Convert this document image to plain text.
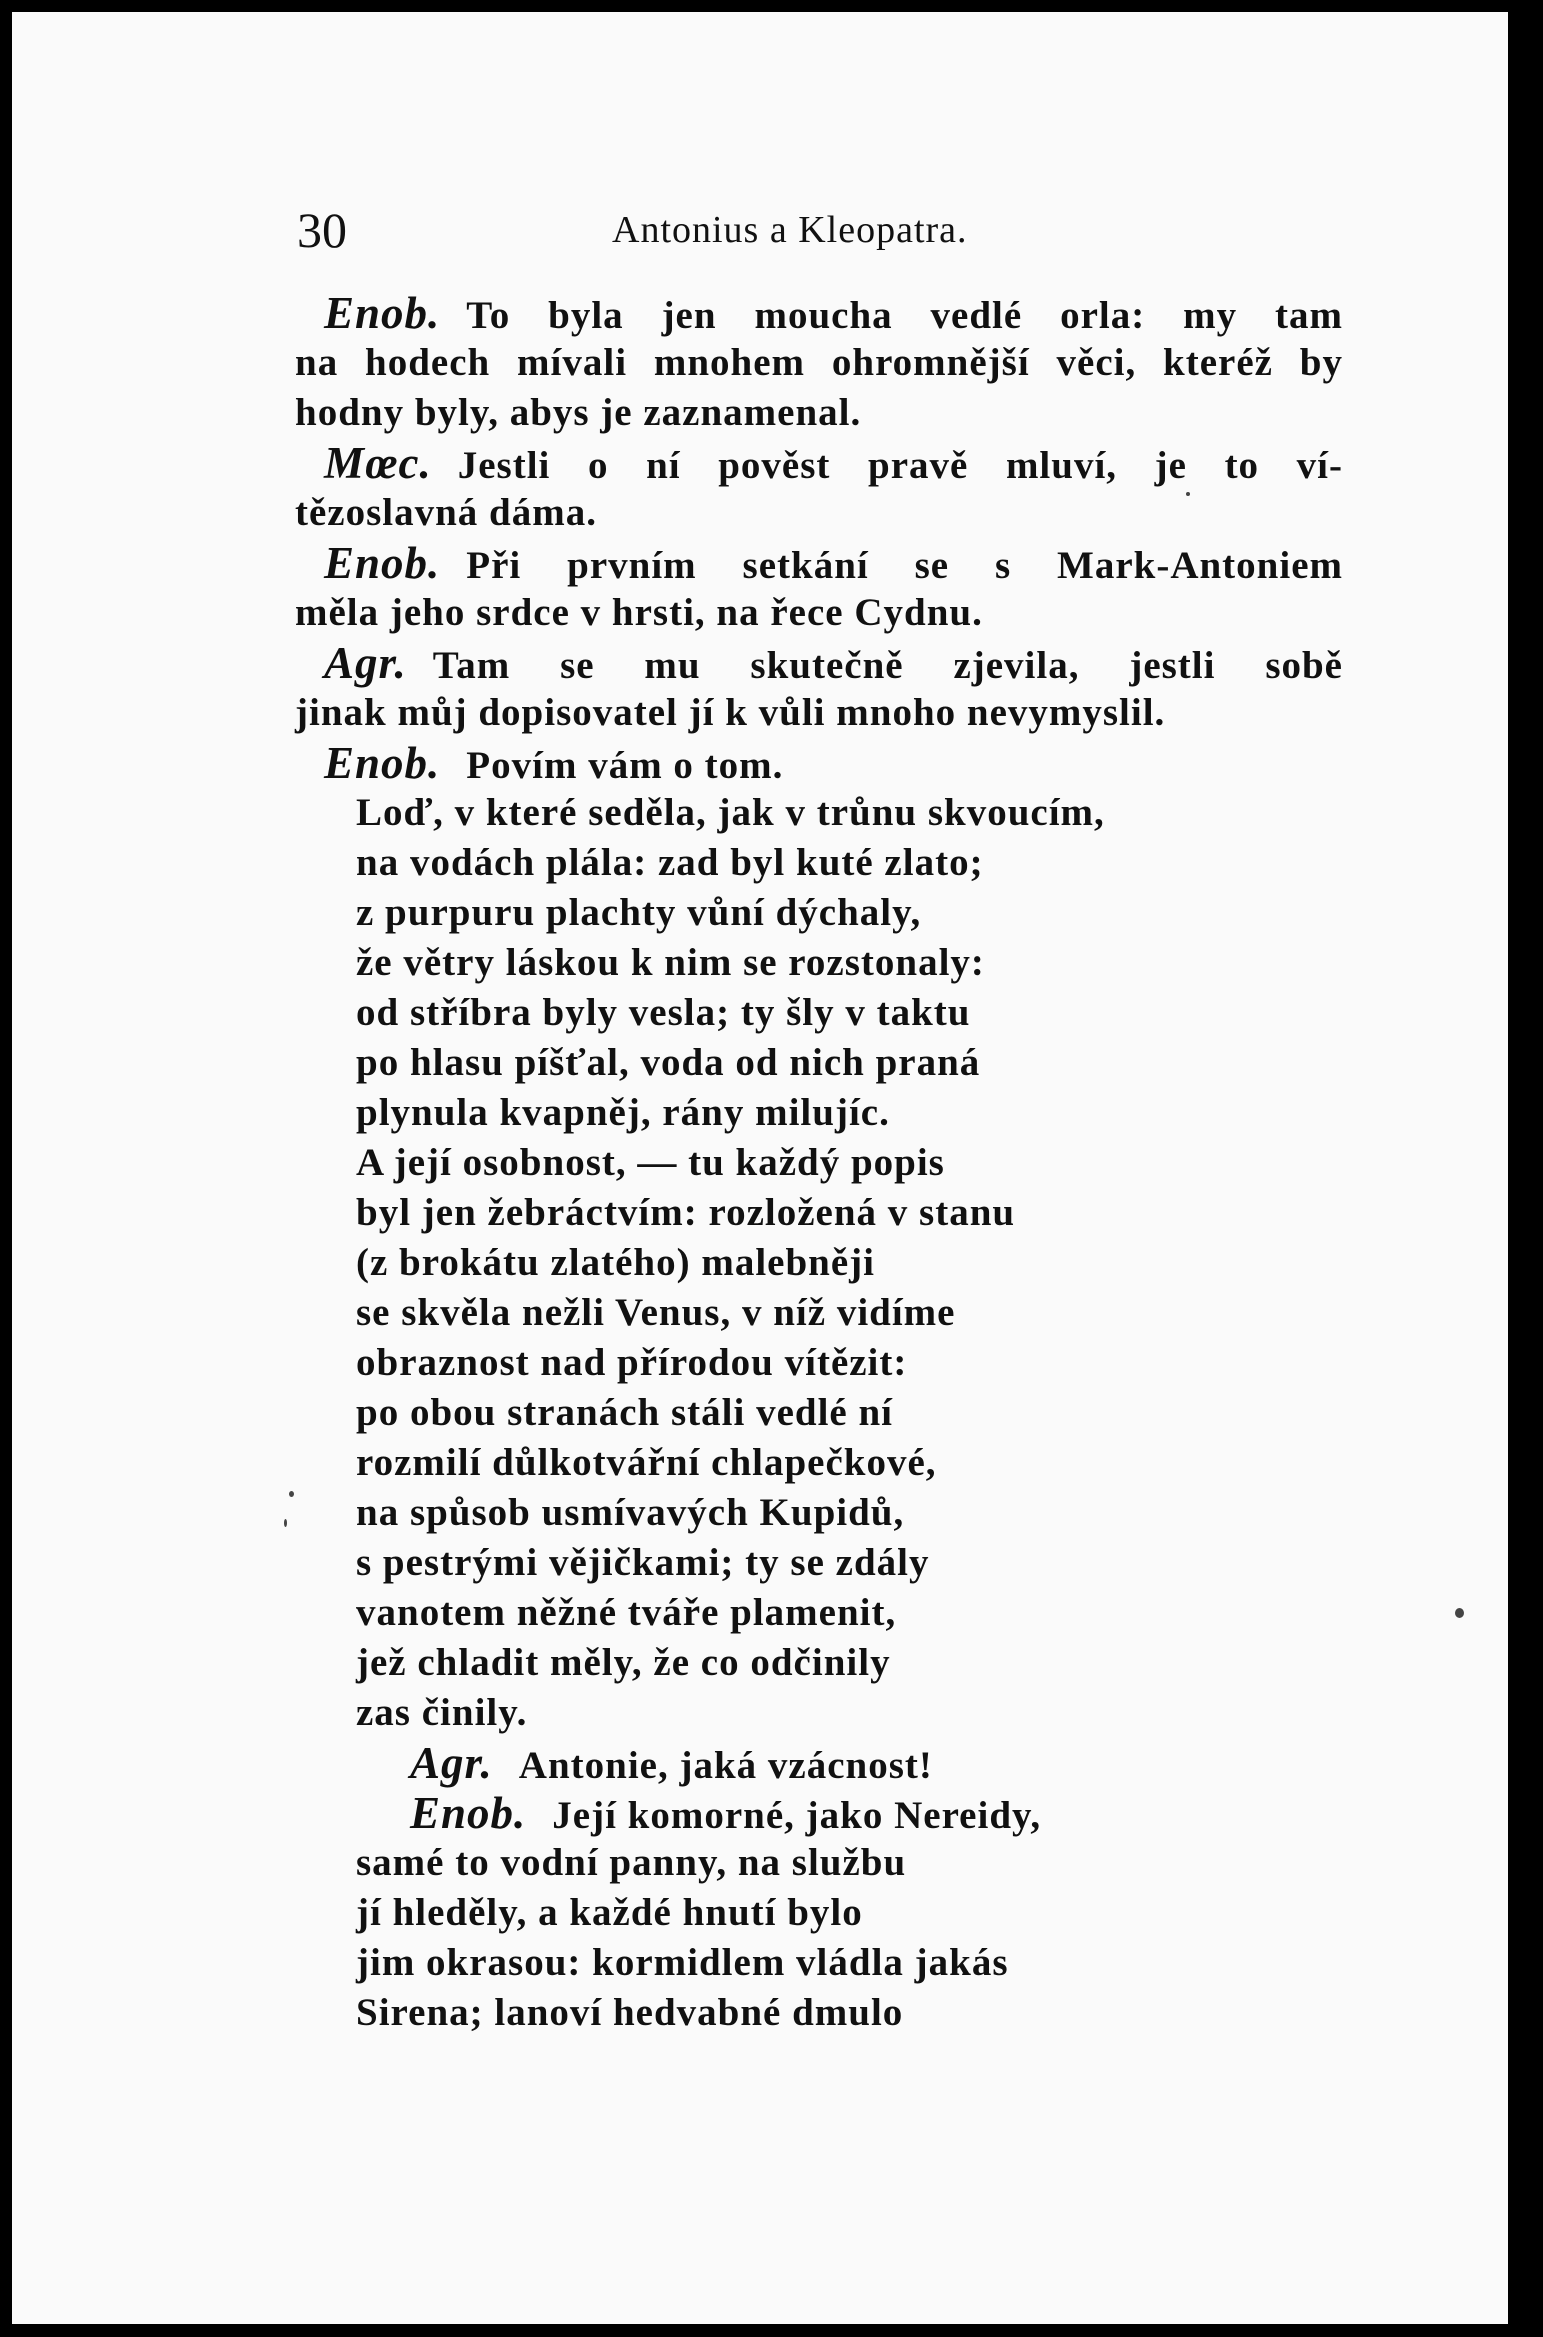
30	Antonius a Kleopatra.
Enob. To byla jen moucha vedlé orla: my tam
na hodech mívali mnohem ohromnější věci, kteréž by
hodny byly, abys je zaznamenal.
Mœc. Jestli o ní pověst pravě mluví, je to ví-
tězoslavná dáma.
Enob. Při prvním setkání se s Mark-Antoniem
měla jeho srdce v hrsti, na řece Cydnu.
Agr. Tam se mu skutečně zjevila, jestli sobě
jinak můj dopisovatel jí k vůli mnoho nevymyslil.
Enob. Povím vám o tom.
Loď, v které seděla, jak v trůnu skvoucím,
na vodách plála: zad byl kuté zlato;
z purpuru plachty vůní dýchaly,
že větry láskou k nim se rozstonaly:
od stříbra byly vesla; ty šly v taktu
po hlasu píšťal, voda od nich praná
plynula kvapněj, rány milujíc.
A její osobnost, — tu každý popis
byl jen žebráctvím: rozložená v stanu
(z brokátu zlatého) malebněji
se skvěla nežli Venus, v níž vidíme
obraznost nad přírodou vítězit:
po obou stranách stáli vedlé ní
rozmilí důlkotvářní chlapečkové,
na spůsob usmívavých Kupidů,
s pestrými vějičkami; ty se zdály
vanotem něžné tváře plamenit,
jež chladit měly, že co odčinily
zas činily.
Agr. Antonie, jaká vzácnost!
Enob. Její komorné, jako Nereidy,
samé to vodní panny, na službu
jí hleděly, a každé hnutí bylo
jim okrasou: kormidlem vládla jakás
Sirena; lanoví hedvabné dmulo
